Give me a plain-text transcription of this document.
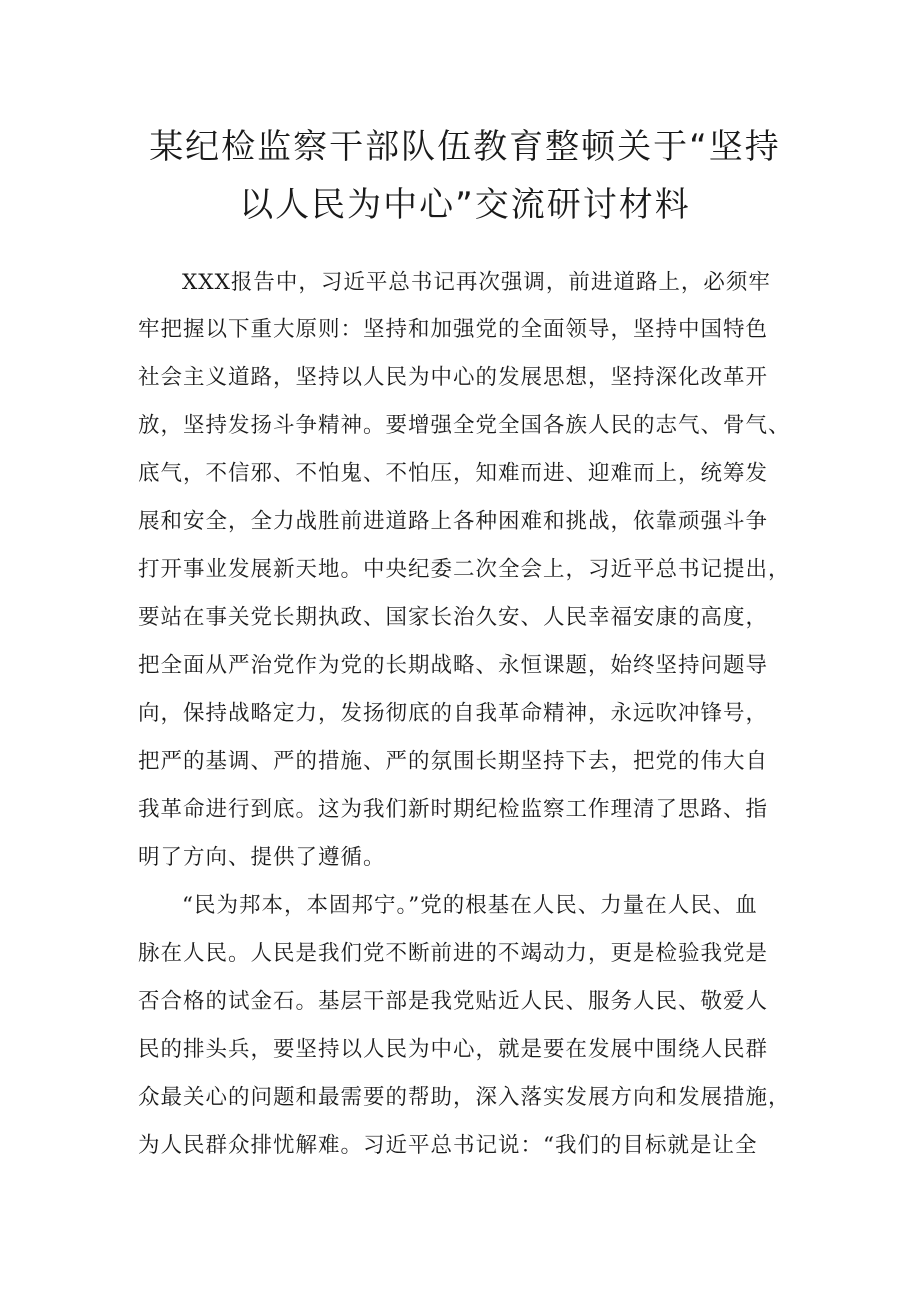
某纪检监察干部队伍教育整顿关于“坚持
以人民为中心”交流研讨材料
XXX报告中，习近平总书记再次强调，前进道路上，必须牢
牢把握以下重大原则：坚持和加强党的全面领导，坚持中国特色
社会主义道路，坚持以人民为中心的发展思想，坚持深化改革开
放，坚持发扬斗争精神。要增强全党全国各族人民的志气、骨气、
底气，不信邪、不怕鬼、不怕压，知难而进、迎难而上，统筹发
展和安全，全力战胜前进道路上各种困难和挑战，依靠顽强斗争
打开事业发展新天地。中央纪委二次全会上，习近平总书记提出，
要站在事关党长期执政、国家长治久安、人民幸福安康的高度，
把全面从严治党作为党的长期战略、永恒课题，始终坚持问题导
向，保持战略定力，发扬彻底的自我革命精神，永远吹冲锋号，
把严的基调、严的措施、严的氛围长期坚持下去，把党的伟大自
我革命进行到底。这为我们新时期纪检监察工作理清了思路、指
明了方向、提供了遵循。
“民为邦本，本固邦宁。”党的根基在人民、力量在人民、血
脉在人民。人民是我们党不断前进的不竭动力，更是检验我党是
否合格的试金石。基层干部是我党贴近人民、服务人民、敬爱人
民的排头兵，要坚持以人民为中心，就是要在发展中围绕人民群
众最关心的问题和最需要的帮助，深入落实发展方向和发展措施，
为人民群众排忧解难。习近平总书记说：“我们的目标就是让全
